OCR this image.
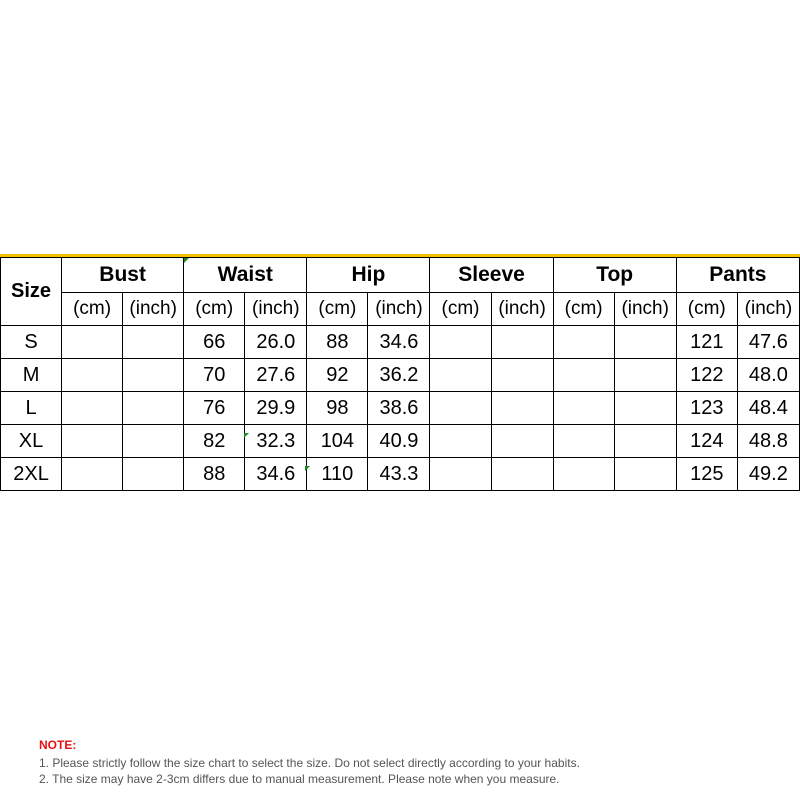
Size	Bust		Waist		Hip		Sleeve		Top		Pants	
	(cm)	(inch)	(cm)	(inch)	(cm)	(inch)	(cm)	(inch)	(cm)	(inch)	(cm)	(inch)
S			66	26.0	88	34.6					121	47.6
M			70	27.6	92	36.2					122	48.0
L			76	29.9	98	38.6					123	48.4
XL			82	32.3	104	40.9					124	48.8
2XL			88	34.6	110	43.3					125	49.2
NOTE:
1. Please strictly follow the size chart to select the size. Do not select directly according to your habits.
2. The size may have 2-3cm differs due to manual measurement. Please note when you measure.
